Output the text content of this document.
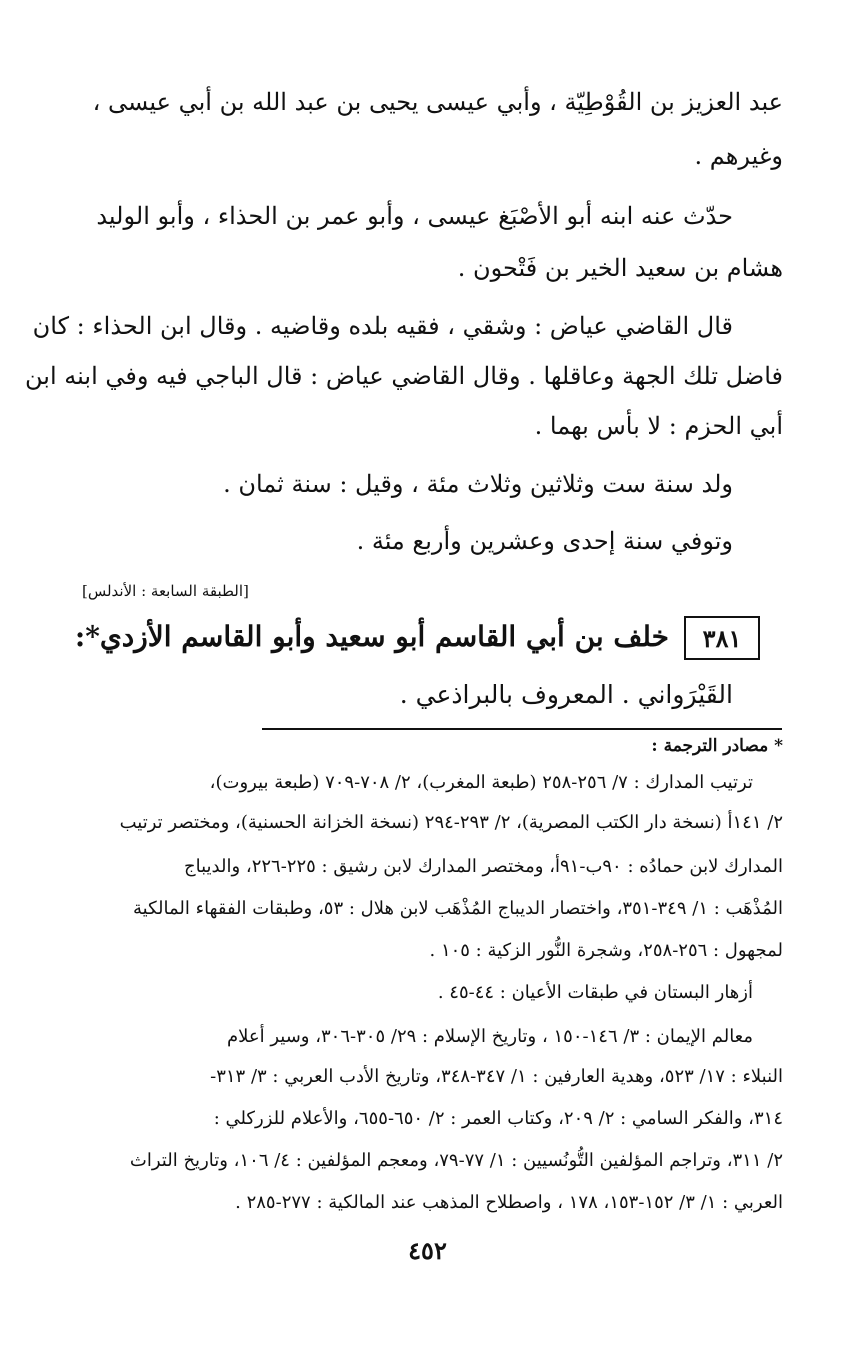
عبد العزيز بن القُوْطِيّة ، وأبي عيسى يحيى بن عبد الله بن أبي عيسى ،
وغيرهم .
حدّث عنه ابنه أبو الأصْبَغ عيسى ، وأبو عمر بن الحذاء ، وأبو الوليد
هشام بن سعيد الخير بن فَتْحون .
قال القاضي عياض : وشقي ، فقيه بلده وقاضيه . وقال ابن الحذاء : كان
فاضل تلك الجهة وعاقلها . وقال القاضي عياض : قال الباجي فيه وفي ابنه ابن
أبي الحزم : لا بأس بهما .
ولد سنة ست وثلاثين وثلاث مئة ، وقيل : سنة ثمان .
وتوفي سنة إحدى وعشرين وأربع مئة .
[الطبقة السابعة : الأندلس]
٣٨١
خلف بن أبي القاسم أبو سعيد وأبو القاسم الأزدي*:
القَيْرَواني . المعروف بالبراذعي .
* مصادر الترجمة :
ترتيب المدارك : ٧/ ٢٥٦-٢٥٨ (طبعة المغرب)، ٢/ ٧٠٨-٧٠٩ (طبعة بيروت)،
٢/ ١٤١أ (نسخة دار الكتب المصرية)، ٢/ ٢٩٣-٢٩٤ (نسخة الخزانة الحسنية)، ومختصر ترتيب
المدارك لابن حمادُه : ٩٠ب-٩١أ، ومختصر المدارك لابن رشيق : ٢٢٥-٢٢٦، والديباج
المُذْهَب : ١/ ٣٤٩-٣٥١، واختصار الديباج المُذْهَب لابن هلال : ٥٣، وطبقات الفقهاء المالكية
لمجهول : ٢٥٦-٢٥٨، وشجرة النُّور الزكية : ١٠٥ .
أزهار البستان في طبقات الأعيان : ٤٤-٤٥ .
معالم الإيمان : ٣/ ١٤٦-١٥٠ ، وتاريخ الإسلام : ٢٩/ ٣٠٥-٣٠٦، وسير أعلام
النبلاء : ١٧/ ٥٢٣، وهدية العارفين : ١/ ٣٤٧-٣٤٨، وتاريخ الأدب العربي : ٣/ ٣١٣-
٣١٤، والفكر السامي : ٢/ ٢٠٩، وكتاب العمر : ٢/ ٦٥٠-٦٥٥، والأعلام للزركلي :
٢/ ٣١١، وتراجم المؤلفين التُّونُسيين : ١/ ٧٧-٧٩، ومعجم المؤلفين : ٤/ ١٠٦، وتاريخ التراث
العربي : ١/ ٣/ ١٥٢-١٥٣، ١٧٨ ، واصطلاح المذهب عند المالكية : ٢٧٧-٢٨٥ .
٤٥٢
